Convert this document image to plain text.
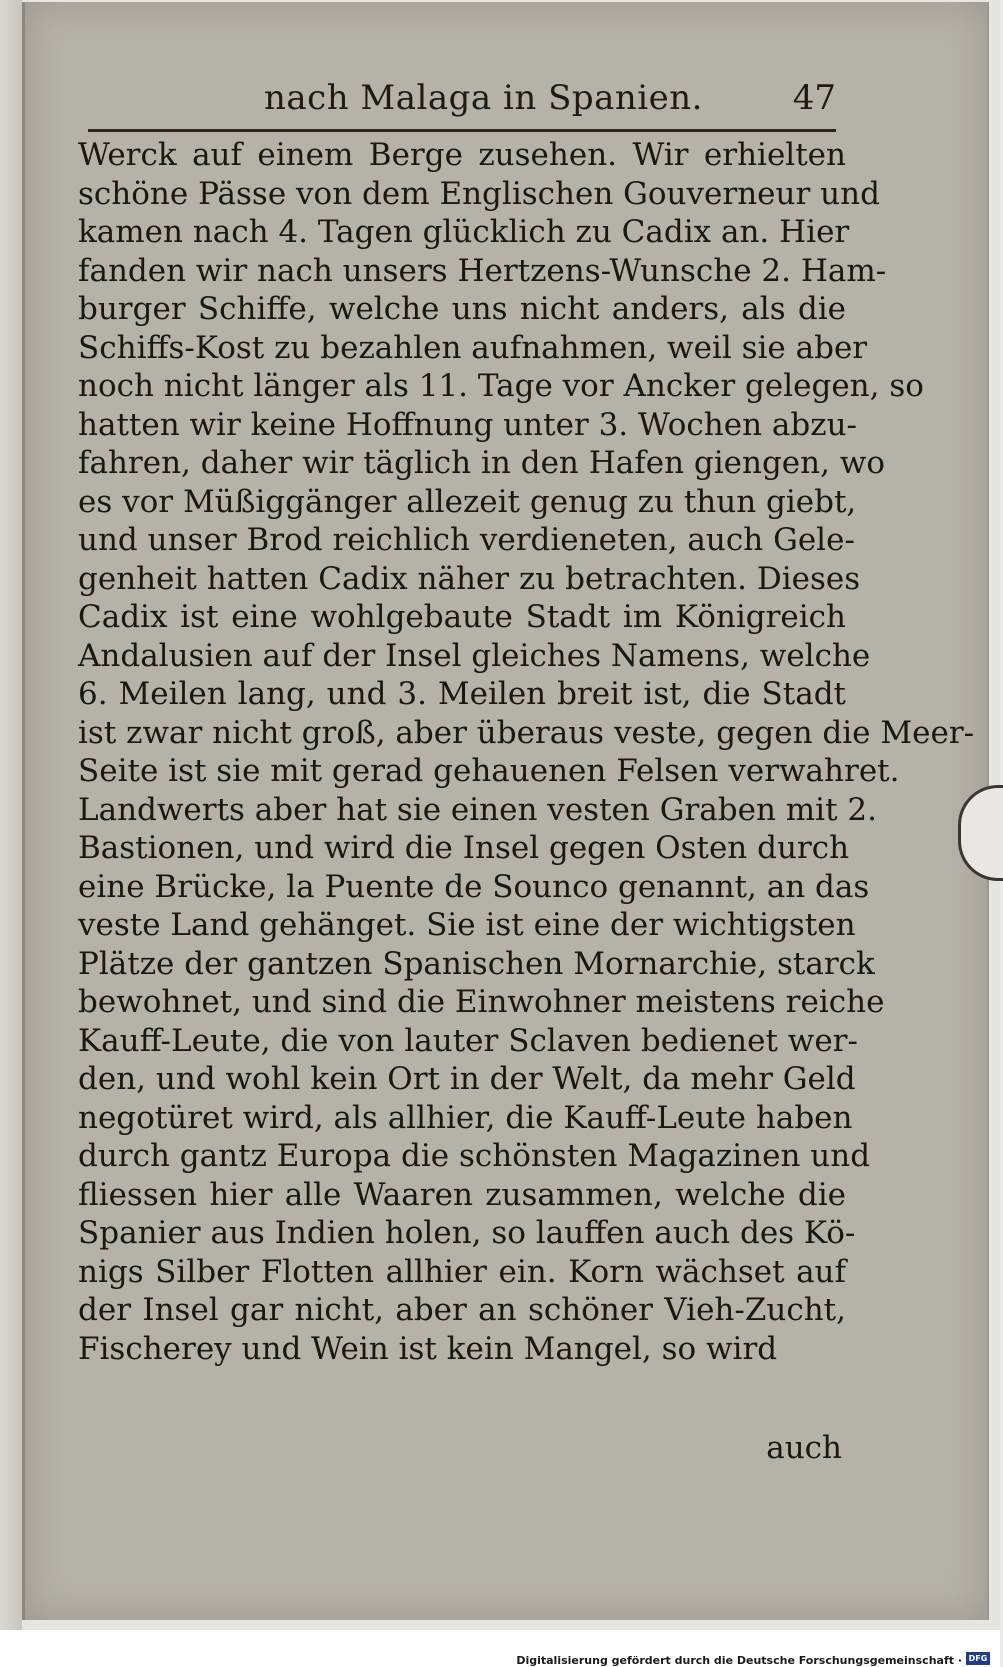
nach Malaga in Spanien.	47
Werck auf einem Berge zusehen. Wir erhielten
schöne Pässe von dem Englischen Gouverneur und
kamen nach 4. Tagen glücklich zu Cadix an. Hier
fanden wir nach unsers Hertzens-Wunsche 2. Ham-
burger Schiffe, welche uns nicht anders, als die
Schiffs-Kost zu bezahlen aufnahmen, weil sie aber
noch nicht länger als 11. Tage vor Ancker gelegen, so
hatten wir keine Hoffnung unter 3. Wochen abzu-
fahren, daher wir täglich in den Hafen giengen, wo
es vor Müßiggänger allezeit genug zu thun giebt,
und unser Brod reichlich verdieneten, auch Gele-
genheit hatten Cadix näher zu betrachten. Dieses
Cadix ist eine wohlgebaute Stadt im Königreich
Andalusien auf der Insel gleiches Namens, welche
6. Meilen lang, und 3. Meilen breit ist, die Stadt
ist zwar nicht groß, aber überaus veste, gegen die Meer-
Seite ist sie mit gerad gehauenen Felsen verwahret.
Landwerts aber hat sie einen vesten Graben mit 2.
Bastionen, und wird die Insel gegen Osten durch
eine Brücke, la Puente de Sounco genannt, an das
veste Land gehänget. Sie ist eine der wichtigsten
Plätze der gantzen Spanischen Mornarchie, starck
bewohnet, und sind die Einwohner meistens reiche
Kauff-Leute, die von lauter Sclaven bedienet wer-
den, und wohl kein Ort in der Welt, da mehr Geld
negotüret wird, als allhier, die Kauff-Leute haben
durch gantz Europa die schönsten Magazinen und
fliessen hier alle Waaren zusammen, welche die
Spanier aus Indien holen, so lauffen auch des Kö-
nigs Silber Flotten allhier ein. Korn wächset auf
der Insel gar nicht, aber an schöner Vieh-Zucht,
Fischerey und Wein ist kein Mangel, so wird
auch
Digitalisierung gefördert durch die Deutsche Forschungsgemeinschaft · DFG
